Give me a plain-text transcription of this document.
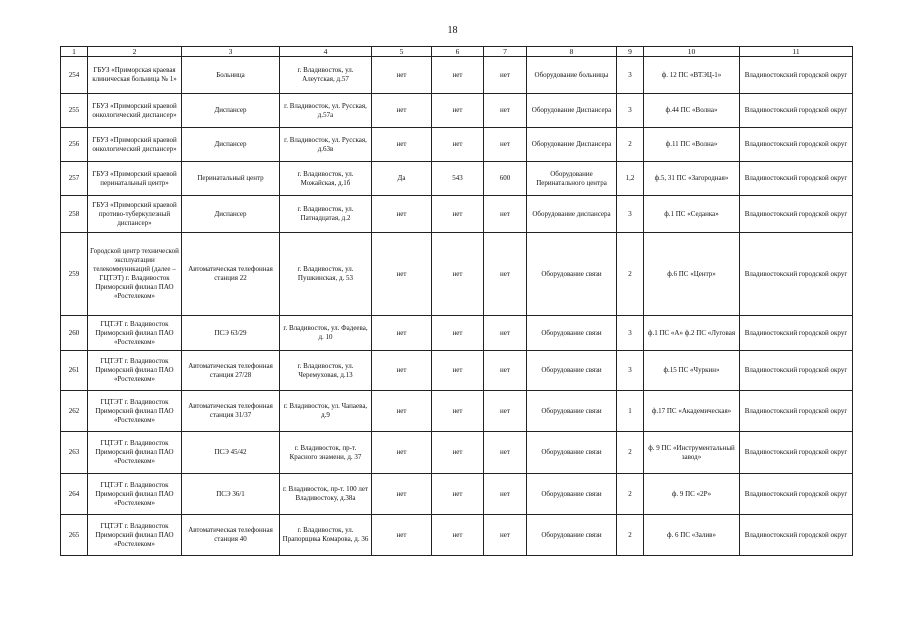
18
1	2	3	4	5	6	7	8	9	10	11
254	ГБУЗ «Приморская краевая клиническая больница № 1»	Больница	г. Владивосток, ул. Алеутская, д.57	нет	нет	нет	Оборудование больницы	3	ф. 12 ПС «ВТЭЦ-1»	Владивостокский городской округ
255	ГБУЗ «Приморский краевой онкологический диспансер»	Диспансер	г. Владивосток, ул. Русская, д.57а	нет	нет	нет	Оборудование Диспансера	3	ф.44 ПС «Волна»	Владивостокский городской округ
256	ГБУЗ «Приморский краевой онкологический диспансер»	Диспансер	г. Владивосток, ул. Русская, д.63в	нет	нет	нет	Оборудование Диспансера	2	ф.11 ПС «Волна»	Владивостокский городской округ
257	ГБУЗ «Приморский краевой перинатальный центр»	Перинатальный центр	г. Владивосток, ул. Можайская, д.1б	Да	543	600	Оборудование Перинатального центра	1,2	ф.5, 31 ПС «Загородная»	Владивостокский городской округ
258	ГБУЗ «Приморский краевой противо-туберкулезный диспансер»	Диспансер	г. Владивосток, ул. Патнадцатая, д.2	нет	нет	нет	Оборудование диспансера	3	ф.1 ПС «Седанка»	Владивостокский городской округ
259	Городской центр технической эксплуатации телекоммуникаций (далее – ГЦТЭТ) г. Владивосток Приморский филиал ПАО «Ростелеком»	Автоматическая телефонная станция 22	г. Владивосток, ул. Пушкинская, д. 53	нет	нет	нет	Оборудование связи	2	ф.6 ПС «Центр»	Владивостокский городской округ
260	ГЦТЭТ г. Владивосток Приморский филиал ПАО «Ростелеком»	ПСЭ 63/29	г. Владивосток, ул. Фадеева, д. 10	нет	нет	нет	Оборудование связи	3	ф.1 ПС «А» ф.2 ПС «Луговая	Владивостокский городской округ
261	ГЦТЭТ г. Владивосток Приморский филиал ПАО «Ростелеком»	Автоматическая телефонная станция 27/28	г. Владивосток, ул. Черемуховая, д.13	нет	нет	нет	Оборудование связи	3	ф.15 ПС «Чуркин»	Владивостокский городской округ
262	ГЦТЭТ г. Владивосток Приморский филиал ПАО «Ростелеком»	Автоматическая телефонная станция 31/37	г. Владивосток, ул. Чапаева, д.9	нет	нет	нет	Оборудование связи	1	ф.17 ПС «Академическая»	Владивостокский городской округ
263	ГЦТЭТ г. Владивосток Приморский филиал ПАО «Ростелеком»	ПСЭ 45/42	г. Владивосток, пр-т. Красного знамени, д. 37	нет	нет	нет	Оборудование связи	2	ф. 9 ПС «Инструментальный завод»	Владивостокский городской округ
264	ГЦТЭТ г. Владивосток Приморский филиал ПАО «Ростелеком»	ПСЭ 36/1	г. Владивосток, пр-т. 100 лет Владивостоку, д.38а	нет	нет	нет	Оборудование связи	2	ф. 9 ПС «2Р»	Владивостокский городской округ
265	ГЦТЭТ г. Владивосток Приморский филиал ПАО «Ростелеком»	Автоматическая телефонная станция 40	г. Владивосток, ул. Прапорщика Комарова, д. 36	нет	нет	нет	Оборудование связи	2	ф. 6 ПС «Залив»	Владивостокский городской округ
